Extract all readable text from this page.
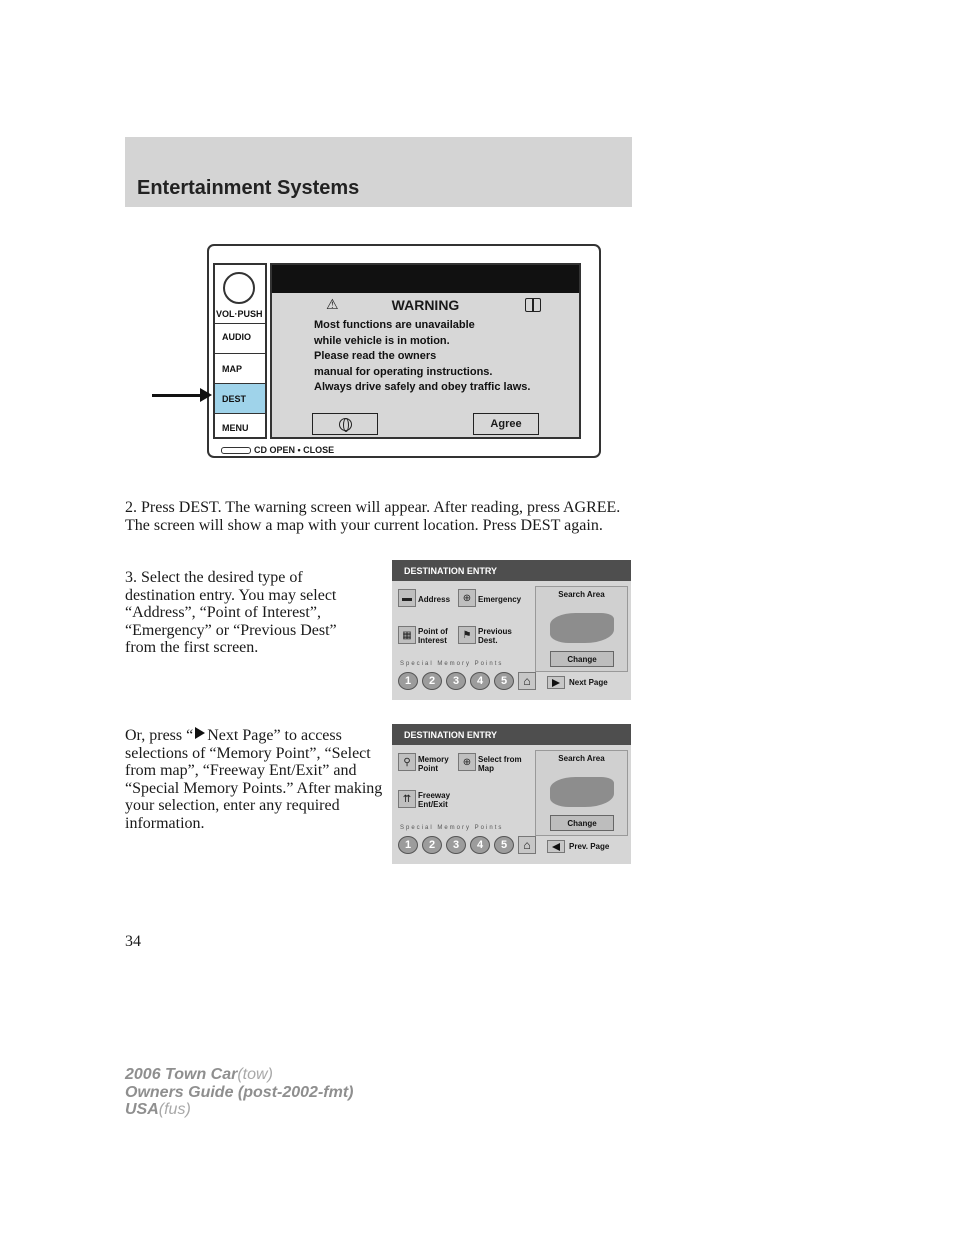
Entertainment Systems
VOL·PUSH
AUDIO
MAP
DEST
MENU
⚠	WARNING
Most functions are unavailable
while vehicle is in motion.
Please read the owners
manual for operating instructions.
Always drive safely and obey traffic laws.
Agree
CD OPEN • CLOSE
2. Press DEST. The warning screen will appear. After reading, press AGREE. The screen will show a map with your current location. Press DEST again.
3. Select the desired type of destination entry. You may select “Address”, “Point of Interest”, “Emergency” or “Previous Dest” from the first screen.
Or, press “ Next Page” to access selections of “Memory Point”, “Select from map”, “Freeway Ent/Exit” and “Special Memory Points.” After making your selection, enter any required information.
DESTINATION ENTRY
▬ Address	⊕ Emergency
▦ Point of
Interest	⚑ Previous
Dest.
Search Area
Change
Special Memory Points
1	2	3	4	5	⌂	Next Page
DESTINATION ENTRY
⚲ Memory
Point
⊕ Select from
Map
⇈ Freeway
Ent/Exit
Search Area
Change
Special Memory Points
1	2	3	4	5	⌂	Prev. Page
34
2006 Town Car(tow)
Owners Guide (post-2002-fmt)
USA(fus)
